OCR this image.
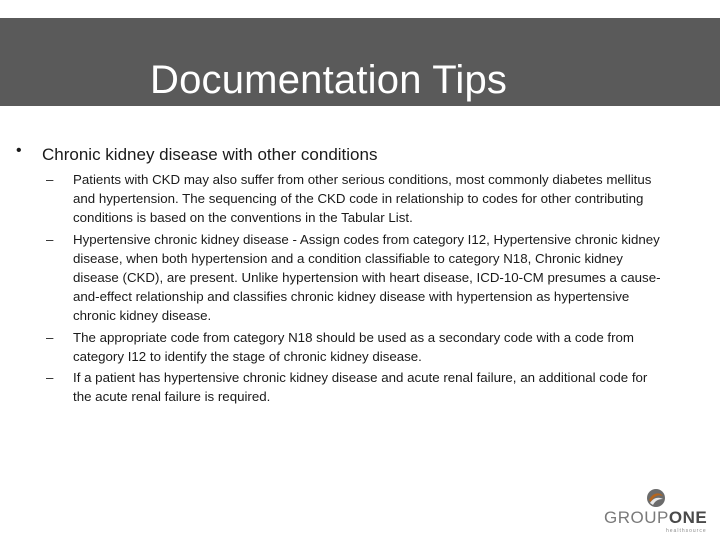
Documentation Tips
• Chronic kidney disease with other conditions
– Patients with CKD may also suffer from other serious conditions, most commonly diabetes mellitus and hypertension. The sequencing of the CKD code in relationship to codes for other contributing conditions is based on the conventions in the Tabular List.
– Hypertensive chronic kidney disease - Assign codes from category I12, Hypertensive chronic kidney disease, when both hypertension and a condition classifiable to category N18, Chronic kidney disease (CKD), are present. Unlike hypertension with heart disease, ICD-10-CM presumes a cause-and-effect relationship and classifies chronic kidney disease with hypertension as hypertensive chronic kidney disease.
– The appropriate code from category N18 should be used as a secondary code with a code from category I12 to identify the stage of chronic kidney disease.
– If a patient has hypertensive chronic kidney disease and acute renal failure, an additional code for the acute renal failure is required.
GROUPONE
healthsource
